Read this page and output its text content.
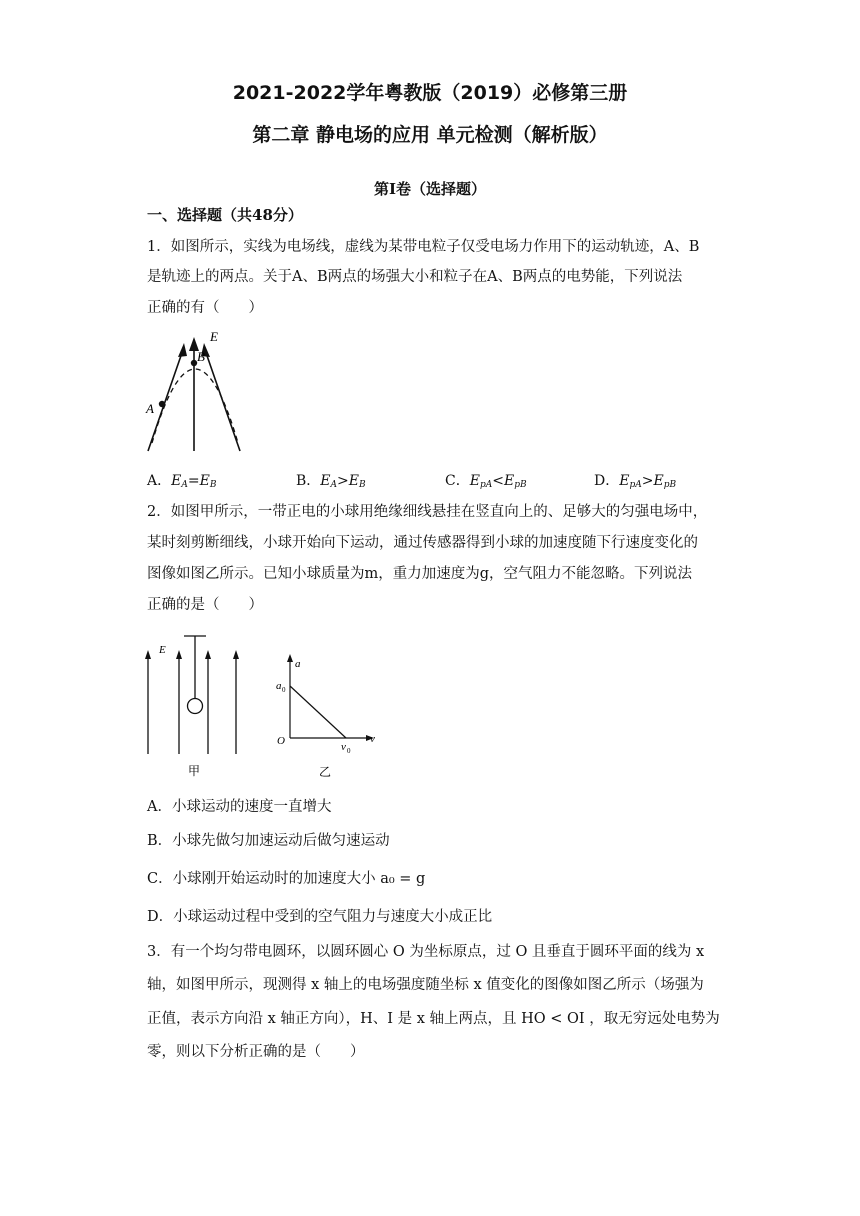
2021-2022学年粤教版（2019）必修第三册
第二章 静电场的应用 单元检测（解析版）
第Ⅰ卷（选择题）
一、选择题（共48分）
1．如图所示，实线为电场线，虚线为某带电粒子仅受电场力作用下的运动轨迹，A、B
是轨迹上的两点。关于A、B两点的场强大小和粒子在A、B两点的电势能，下列说法
正确的有（　　）
A
B
E
A．$E_A=E_B$	B．$E_A>E_B$	C．$E_{pA}<E_{pB}$	D．$E_{pA}>E_{pB}$
2．如图甲所示，一带正电的小球用绝缘细线悬挂在竖直向上的、足够大的匀强电场中，
某时刻剪断细线，小球开始向下运动，通过传感器得到小球的加速度随下行速度变化的
图像如图乙所示。已知小球质量为m，重力加速度为g，空气阻力不能忽略。下列说法
正确的是（　　）
E
甲
a
a 0
O	v
v 0
乙
A．小球运动的速度一直增大
B．小球先做匀加速运动后做匀速运动
C．小球刚开始运动时的加速度大小 a₀ = g
D．小球运动过程中受到的空气阻力与速度大小成正比
3．有一个均匀带电圆环，以圆环圆心 O 为坐标原点，过 O 且垂直于圆环平面的线为 x
轴，如图甲所示，现测得 x 轴上的电场强度随坐标 x 值变化的图像如图乙所示（场强为
正值，表示方向沿 x 轴正方向），H、I 是 x 轴上两点，且 HO < OI ，取无穷远处电势为
零，则以下分析正确的是（　　）
